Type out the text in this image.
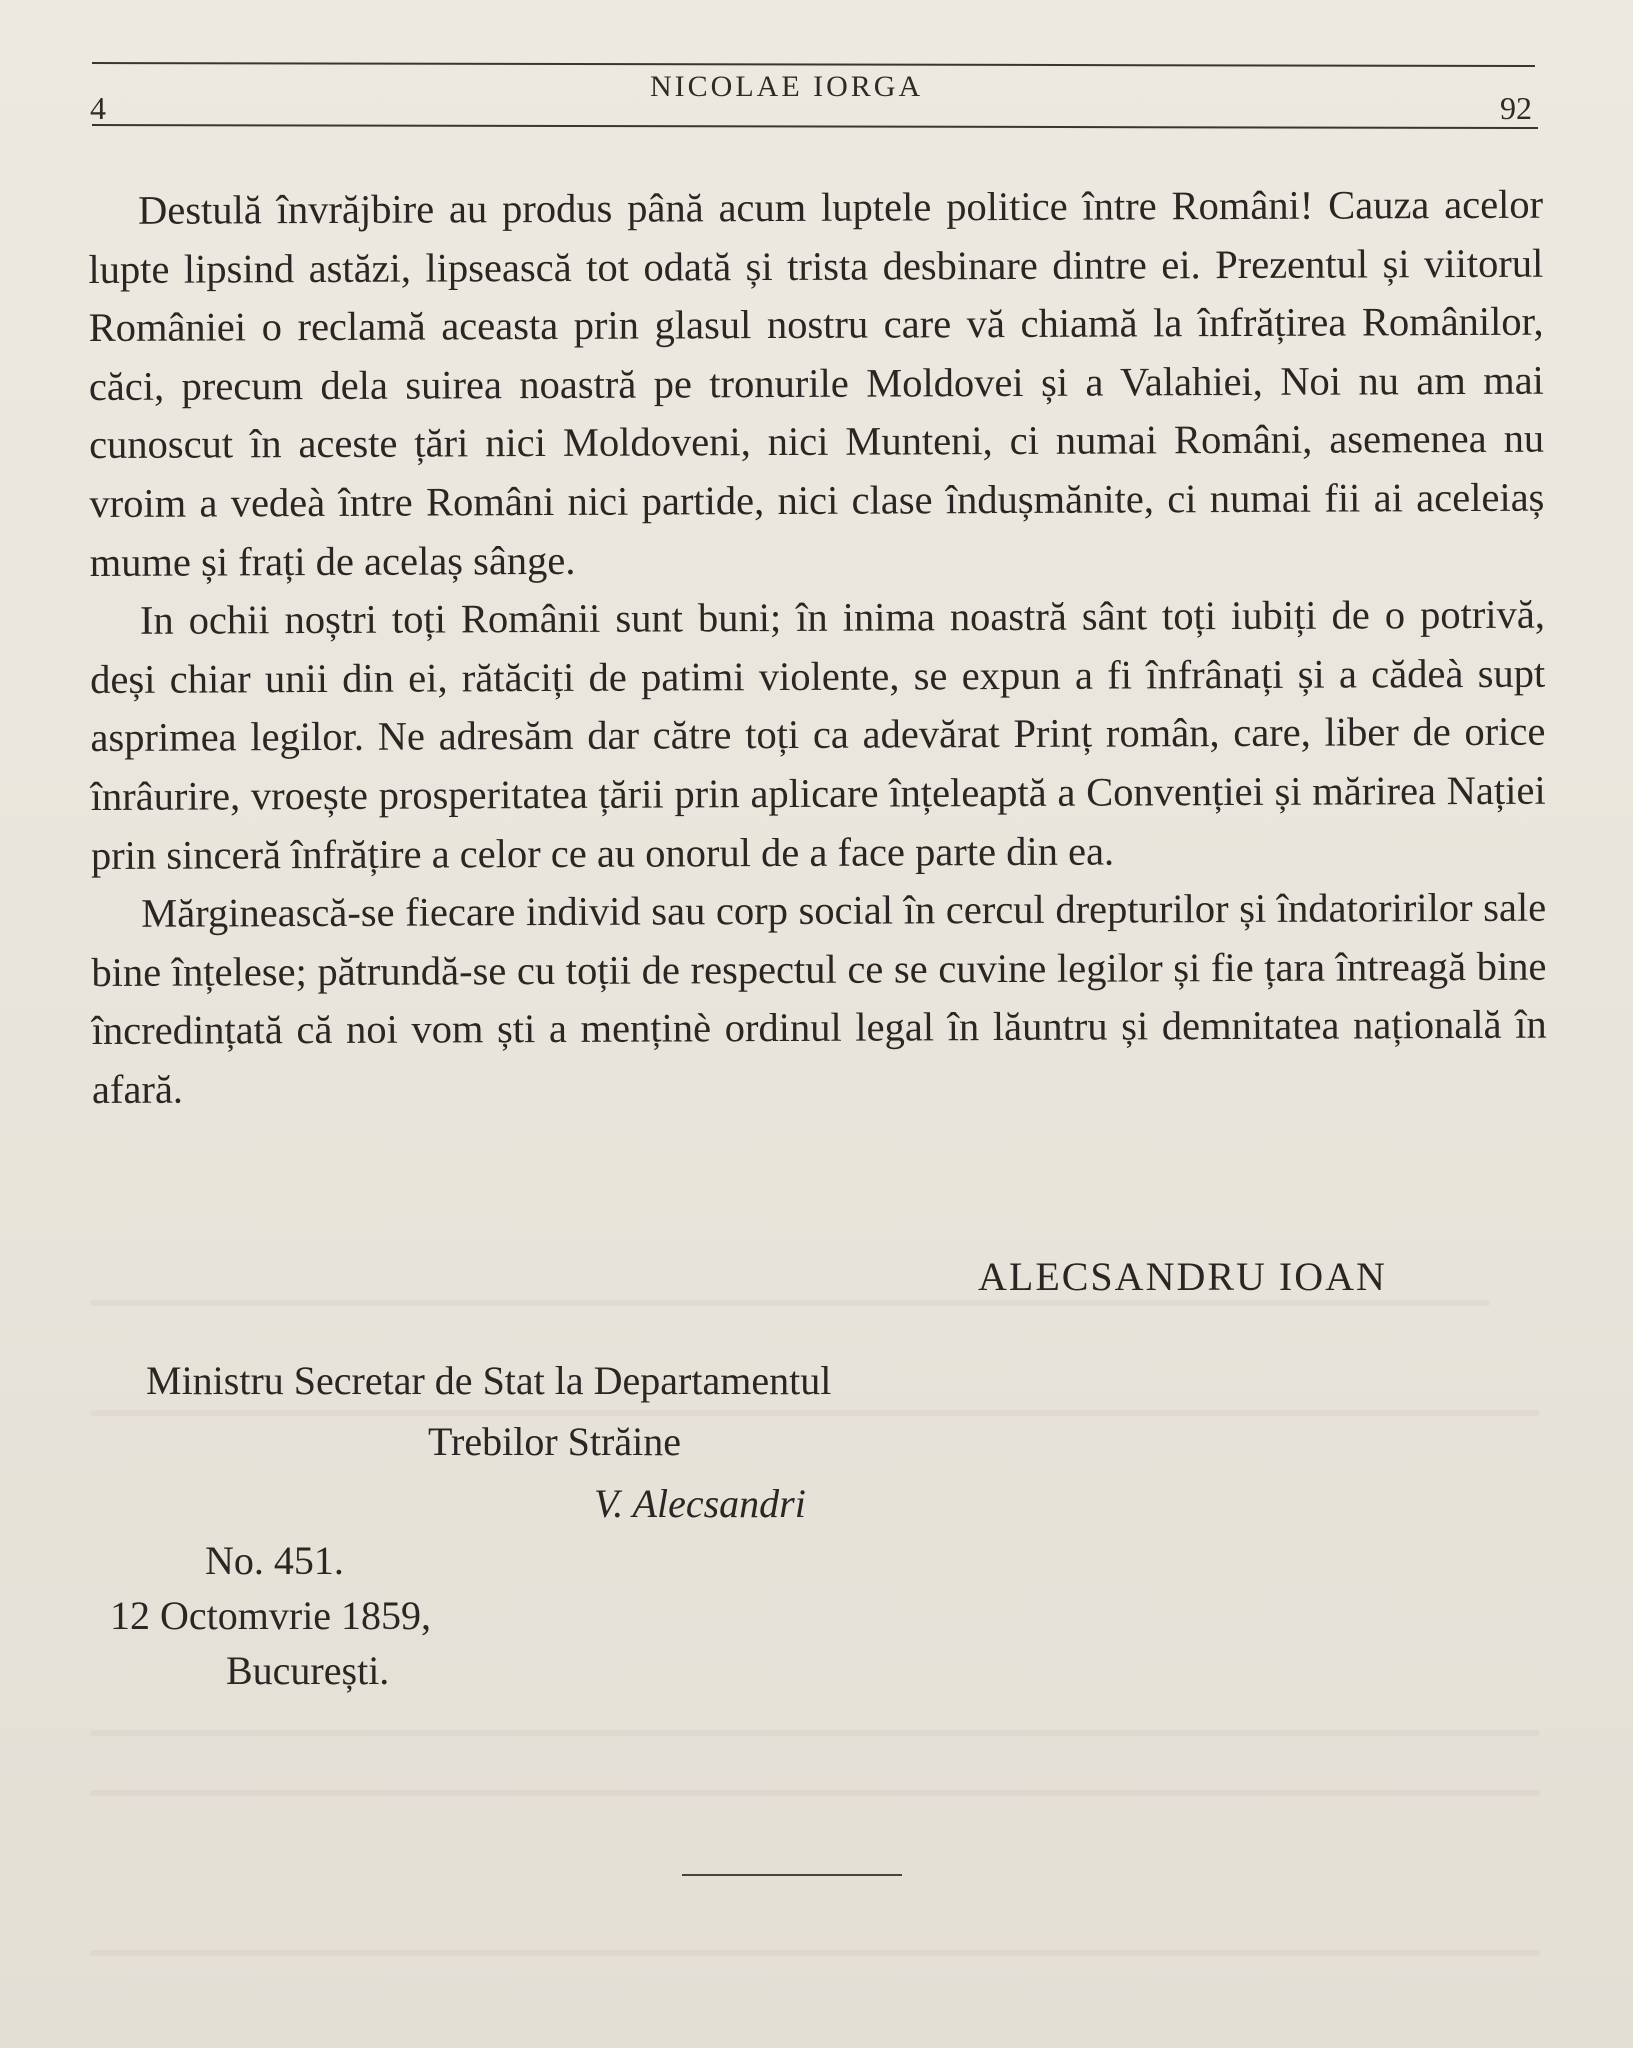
4
NICOLAE IORGA
92

Destulă învrăjbire au produs până acum luptele politice între Români! Cauza acelor lupte lipsind astăzi, lipsească tot odată și trista desbinare dintre ei. Prezentul și viitorul României o reclamă aceasta prin glasul nostru care vă chiamă la înfrățirea Românilor, căci, precum dela suirea noastră pe tronurile Moldovei și a Valahiei, Noi nu am mai cunoscut în aceste țări nici Moldoveni, nici Munteni, ci numai Români, asemenea nu vroim a vedeà între Români nici partide, nici clase îndușmănite, ci numai fii ai aceleiaș mume și frați de acelaș sânge.

In ochii noștri toți Românii sunt buni; în inima noastră sânt toți iubiți de o potrivă, deși chiar unii din ei, rătăciți de patimi violente, se expun a fi înfrânați și a cădeà supt asprimea legilor. Ne adresăm dar către toți ca adevărat Prinț român, care, liber de orice înrâurire, vroește prosperitatea țării prin aplicare înțeleaptă a Convenției și mărirea Nației prin sinceră înfrățire a celor ce au onorul de a face parte din ea.

Mărginească-se fiecare individ sau corp social în cercul drepturilor și îndatoririlor sale bine înțelese; pătrundă-se cu toții de respectul ce se cuvine legilor și fie țara întreagă bine încredințată că noi vom ști a menținè ordinul legal în lăuntru și demnitatea națională în afară.

ALECSANDRU IOAN
Ministru Secretar de Stat la Departamentul
Trebilor Străine
V. Alecsandri
No. 451.
12 Octomvrie 1859,
București.
